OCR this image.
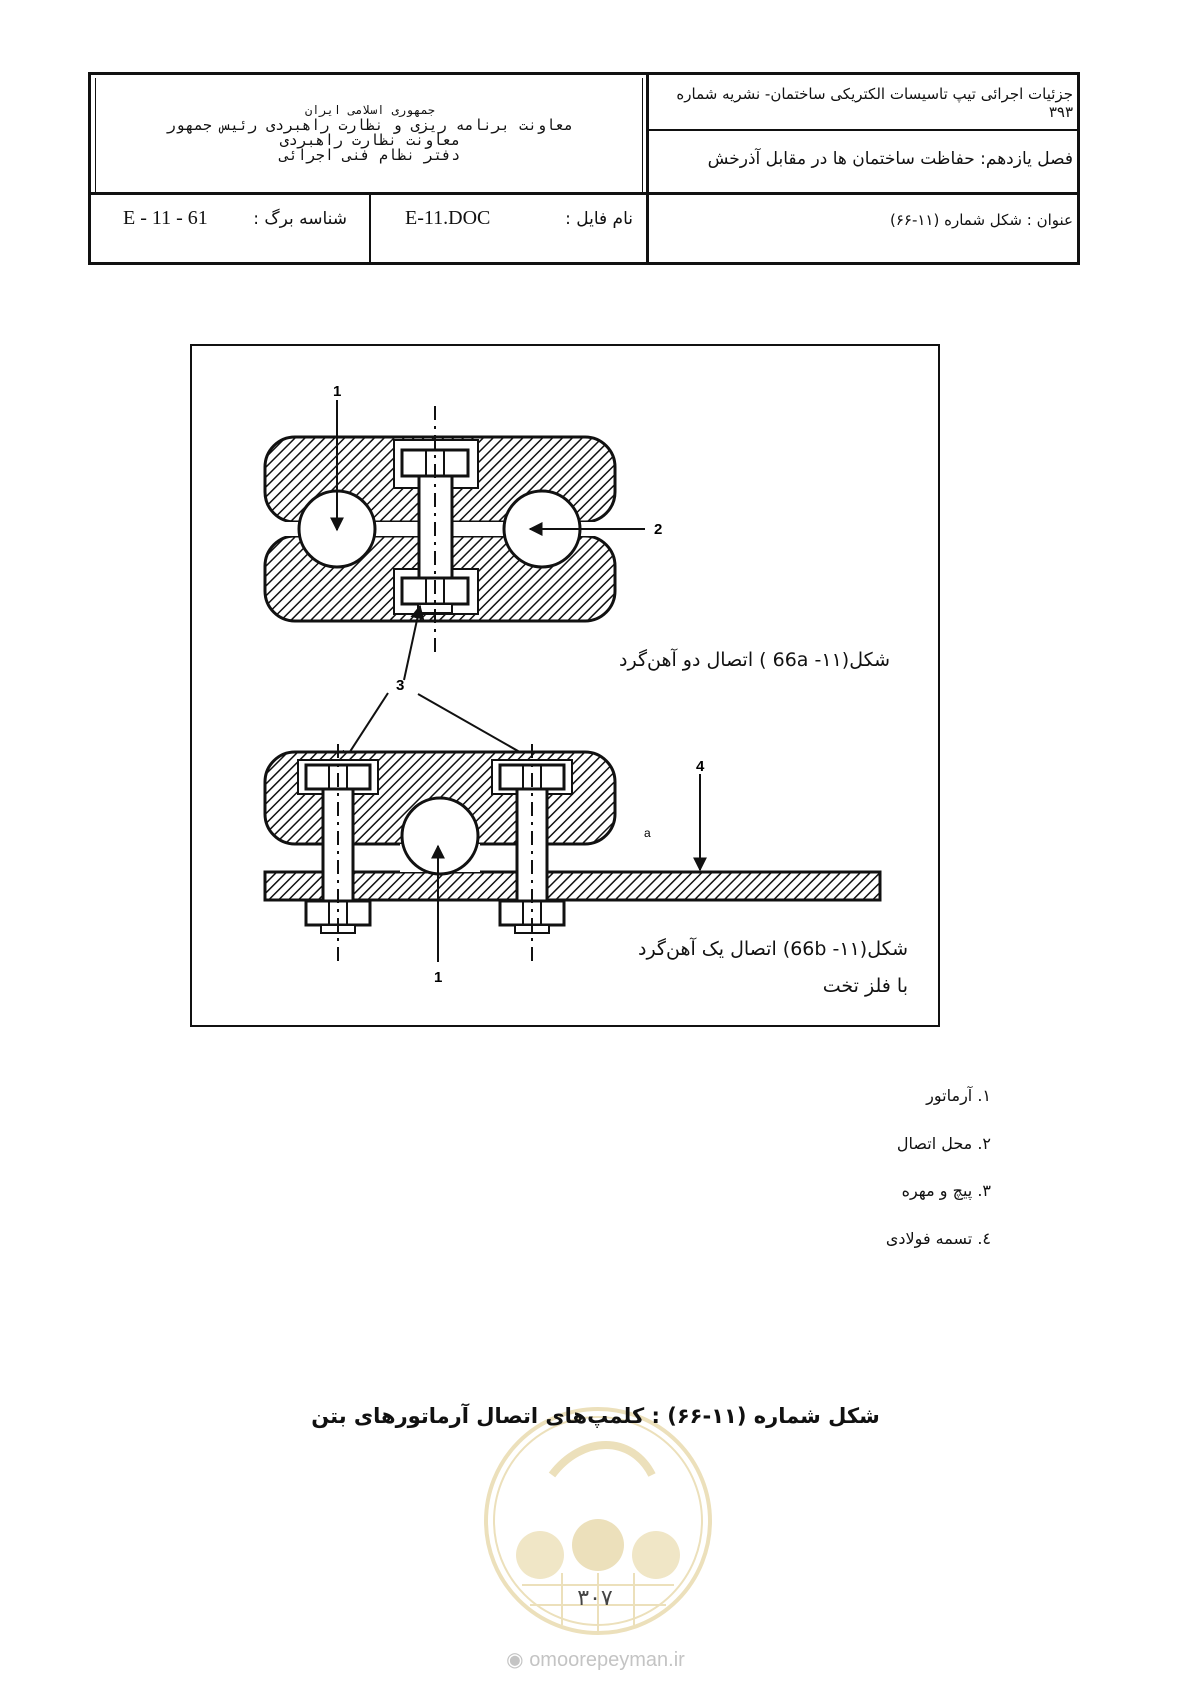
جزئیات اجرائی تیپ تاسیسات الکتریکی ساختمان- نشریه شماره ۳۹۳
فصل یازدهم: حفاظت ساختمان ها در مقابل آذرخش
عنوان : شکل شماره (۱۱-۶۶)
جمهوری اسلامی ایران
معاونت برنامه ریزی و نظارت راهبردی رئیس جمهور
معاونت نظارت راهبردی
دفتر نظام فنی اجرائی
نام فایل :
E-11.DOC
شناسه برگ :
E - 11 - 61
1
2
3
4
1
a
شکل(۱۱- 66a ) اتصال دو آهن‌گرد
شکل(۱۱- 66b) اتصال یک آهن‌گرد
با فلز تخت
۱. آرماتور
۲. محل اتصال
۳. پیچ و مهره
٤. تسمه فولادی
شکل شماره (۱۱-۶۶) : کلمپ‌های اتصال آرماتورهای بتن
۳۰۷
◉ omoorepeyman.ir
